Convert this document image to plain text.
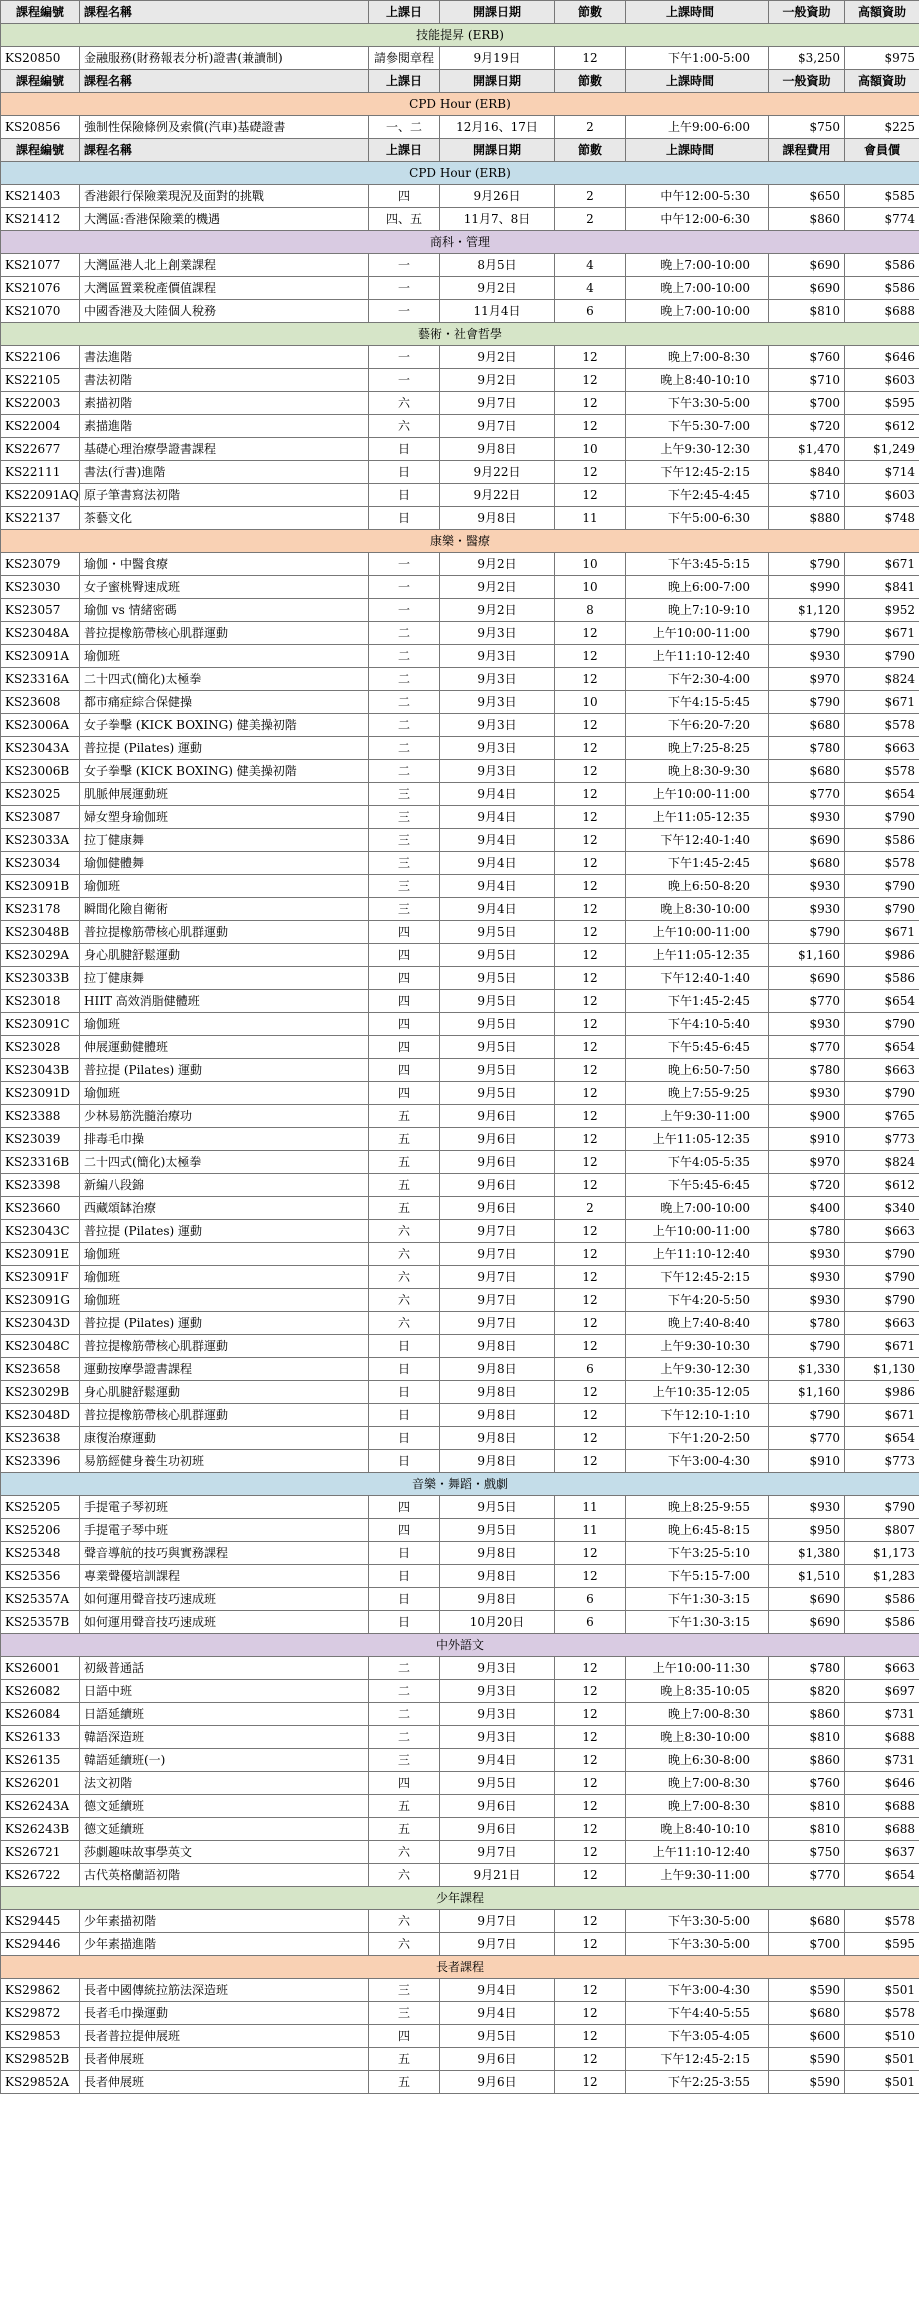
課程編號	課程名稱	上課日	開課日期	節數	上課時間	一般資助	高額資助
技能提昇 (ERB)							
KS20850	金融服務(財務報表分析)證書(兼讀制)	請參閱章程	9月19日	12	下午1:00-5:00	$3,250	$975
課程編號	課程名稱	上課日	開課日期	節數	上課時間	一般資助	高額資助
CPD Hour (ERB)							
KS20856	強制性保險條例及索償(汽車)基礎證書	一、二	12月16、17日	2	上午9:00-6:00	$750	$225
課程編號	課程名稱	上課日	開課日期	節數	上課時間	課程費用	會員價
CPD Hour (ERB)							
KS21403	香港銀行保險業現況及面對的挑戰	四	9月26日	2	中午12:00-5:30	$650	$585
KS21412	大灣區:香港保險業的機遇	四、五	11月7、8日	2	中午12:00-6:30	$860	$774
商科・管理							
KS21077	大灣區港人北上創業課程	一	8月5日	4	晚上7:00-10:00	$690	$586
KS21076	大灣區置業稅產價值課程	一	9月2日	4	晚上7:00-10:00	$690	$586
KS21070	中國香港及大陸個人稅務	一	11月4日	6	晚上7:00-10:00	$810	$688
藝術・社會哲學							
KS22106	書法進階	一	9月2日	12	晚上7:00-8:30	$760	$646
KS22105	書法初階	一	9月2日	12	晚上8:40-10:10	$710	$603
KS22003	素描初階	六	9月7日	12	下午3:30-5:00	$700	$595
KS22004	素描進階	六	9月7日	12	下午5:30-7:00	$720	$612
KS22677	基礎心理治療學證書課程	日	9月8日	10	上午9:30-12:30	$1,470	$1,249
KS22111	書法(行書)進階	日	9月22日	12	下午12:45-2:15	$840	$714
KS22091AQ	原子筆書寫法初階	日	9月22日	12	下午2:45-4:45	$710	$603
KS22137	茶藝文化	日	9月8日	11	下午5:00-6:30	$880	$748
康樂・醫療							
KS23079	瑜伽・中醫食療	一	9月2日	10	下午3:45-5:15	$790	$671
KS23030	女子蜜桃臀速成班	一	9月2日	10	晚上6:00-7:00	$990	$841
KS23057	瑜伽 vs 情緒密碼	一	9月2日	8	晚上7:10-9:10	$1,120	$952
KS23048A	普拉提橡筋帶核心肌群運動	二	9月3日	12	上午10:00-11:00	$790	$671
KS23091A	瑜伽班	二	9月3日	12	上午11:10-12:40	$930	$790
KS23316A	二十四式(簡化)太極拳	二	9月3日	12	下午2:30-4:00	$970	$824
KS23608	都市痛症綜合保健操	二	9月3日	10	下午4:15-5:45	$790	$671
KS23006A	女子拳擊 (KICK BOXING) 健美操初階	二	9月3日	12	下午6:20-7:20	$680	$578
KS23043A	普拉提 (Pilates) 運動	二	9月3日	12	晚上7:25-8:25	$780	$663
KS23006B	女子拳擊 (KICK BOXING) 健美操初階	二	9月3日	12	晚上8:30-9:30	$680	$578
KS23025	肌脈伸展運動班	三	9月4日	12	上午10:00-11:00	$770	$654
KS23087	婦女塑身瑜伽班	三	9月4日	12	上午11:05-12:35	$930	$790
KS23033A	拉丁健康舞	三	9月4日	12	下午12:40-1:40	$690	$586
KS23034	瑜伽健體舞	三	9月4日	12	下午1:45-2:45	$680	$578
KS23091B	瑜伽班	三	9月4日	12	晚上6:50-8:20	$930	$790
KS23178	瞬間化險自衛術	三	9月4日	12	晚上8:30-10:00	$930	$790
KS23048B	普拉提橡筋帶核心肌群運動	四	9月5日	12	上午10:00-11:00	$790	$671
KS23029A	身心肌腱舒鬆運動	四	9月5日	12	上午11:05-12:35	$1,160	$986
KS23033B	拉丁健康舞	四	9月5日	12	下午12:40-1:40	$690	$586
KS23018	HIIT 高效消脂健體班	四	9月5日	12	下午1:45-2:45	$770	$654
KS23091C	瑜伽班	四	9月5日	12	下午4:10-5:40	$930	$790
KS23028	伸展運動健體班	四	9月5日	12	下午5:45-6:45	$770	$654
KS23043B	普拉提 (Pilates) 運動	四	9月5日	12	晚上6:50-7:50	$780	$663
KS23091D	瑜伽班	四	9月5日	12	晚上7:55-9:25	$930	$790
KS23388	少林易筋洗髓治療功	五	9月6日	12	上午9:30-11:00	$900	$765
KS23039	排毒毛巾操	五	9月6日	12	上午11:05-12:35	$910	$773
KS23316B	二十四式(簡化)太極拳	五	9月6日	12	下午4:05-5:35	$970	$824
KS23398	新編八段錦	五	9月6日	12	下午5:45-6:45	$720	$612
KS23660	西藏頌缽治療	五	9月6日	2	晚上7:00-10:00	$400	$340
KS23043C	普拉提 (Pilates) 運動	六	9月7日	12	上午10:00-11:00	$780	$663
KS23091E	瑜伽班	六	9月7日	12	上午11:10-12:40	$930	$790
KS23091F	瑜伽班	六	9月7日	12	下午12:45-2:15	$930	$790
KS23091G	瑜伽班	六	9月7日	12	下午4:20-5:50	$930	$790
KS23043D	普拉提 (Pilates) 運動	六	9月7日	12	晚上7:40-8:40	$780	$663
KS23048C	普拉提橡筋帶核心肌群運動	日	9月8日	12	上午9:30-10:30	$790	$671
KS23658	運動按摩學證書課程	日	9月8日	6	上午9:30-12:30	$1,330	$1,130
KS23029B	身心肌腱舒鬆運動	日	9月8日	12	上午10:35-12:05	$1,160	$986
KS23048D	普拉提橡筋帶核心肌群運動	日	9月8日	12	下午12:10-1:10	$790	$671
KS23638	康復治療運動	日	9月8日	12	下午1:20-2:50	$770	$654
KS23396	易筋經健身養生功初班	日	9月8日	12	下午3:00-4:30	$910	$773
音樂・舞蹈・戲劇							
KS25205	手提電子琴初班	四	9月5日	11	晚上8:25-9:55	$930	$790
KS25206	手提電子琴中班	四	9月5日	11	晚上6:45-8:15	$950	$807
KS25348	聲音導航的技巧與實務課程	日	9月8日	12	下午3:25-5:10	$1,380	$1,173
KS25356	專業聲優培訓課程	日	9月8日	12	下午5:15-7:00	$1,510	$1,283
KS25357A	如何運用聲音技巧速成班	日	9月8日	6	下午1:30-3:15	$690	$586
KS25357B	如何運用聲音技巧速成班	日	10月20日	6	下午1:30-3:15	$690	$586
中外語文							
KS26001	初級普通話	二	9月3日	12	上午10:00-11:30	$780	$663
KS26082	日語中班	二	9月3日	12	晚上8:35-10:05	$820	$697
KS26084	日語延續班	二	9月3日	12	晚上7:00-8:30	$860	$731
KS26133	韓語深造班	二	9月3日	12	晚上8:30-10:00	$810	$688
KS26135	韓語延續班(一)	三	9月4日	12	晚上6:30-8:00	$860	$731
KS26201	法文初階	四	9月5日	12	晚上7:00-8:30	$760	$646
KS26243A	德文延續班	五	9月6日	12	晚上7:00-8:30	$810	$688
KS26243B	德文延續班	五	9月6日	12	晚上8:40-10:10	$810	$688
KS26721	莎劇趣味故事學英文	六	9月7日	12	上午11:10-12:40	$750	$637
KS26722	古代英格蘭語初階	六	9月21日	12	上午9:30-11:00	$770	$654
少年課程							
KS29445	少年素描初階	六	9月7日	12	下午3:30-5:00	$680	$578
KS29446	少年素描進階	六	9月7日	12	下午3:30-5:00	$700	$595
長者課程							
KS29862	長者中國傳統拉筋法深造班	三	9月4日	12	下午3:00-4:30	$590	$501
KS29872	長者毛巾操運動	三	9月4日	12	下午4:40-5:55	$680	$578
KS29853	長者普拉提伸展班	四	9月5日	12	下午3:05-4:05	$600	$510
KS29852B	長者伸展班	五	9月6日	12	下午12:45-2:15	$590	$501
KS29852A	長者伸展班	五	9月6日	12	下午2:25-3:55	$590	$501
